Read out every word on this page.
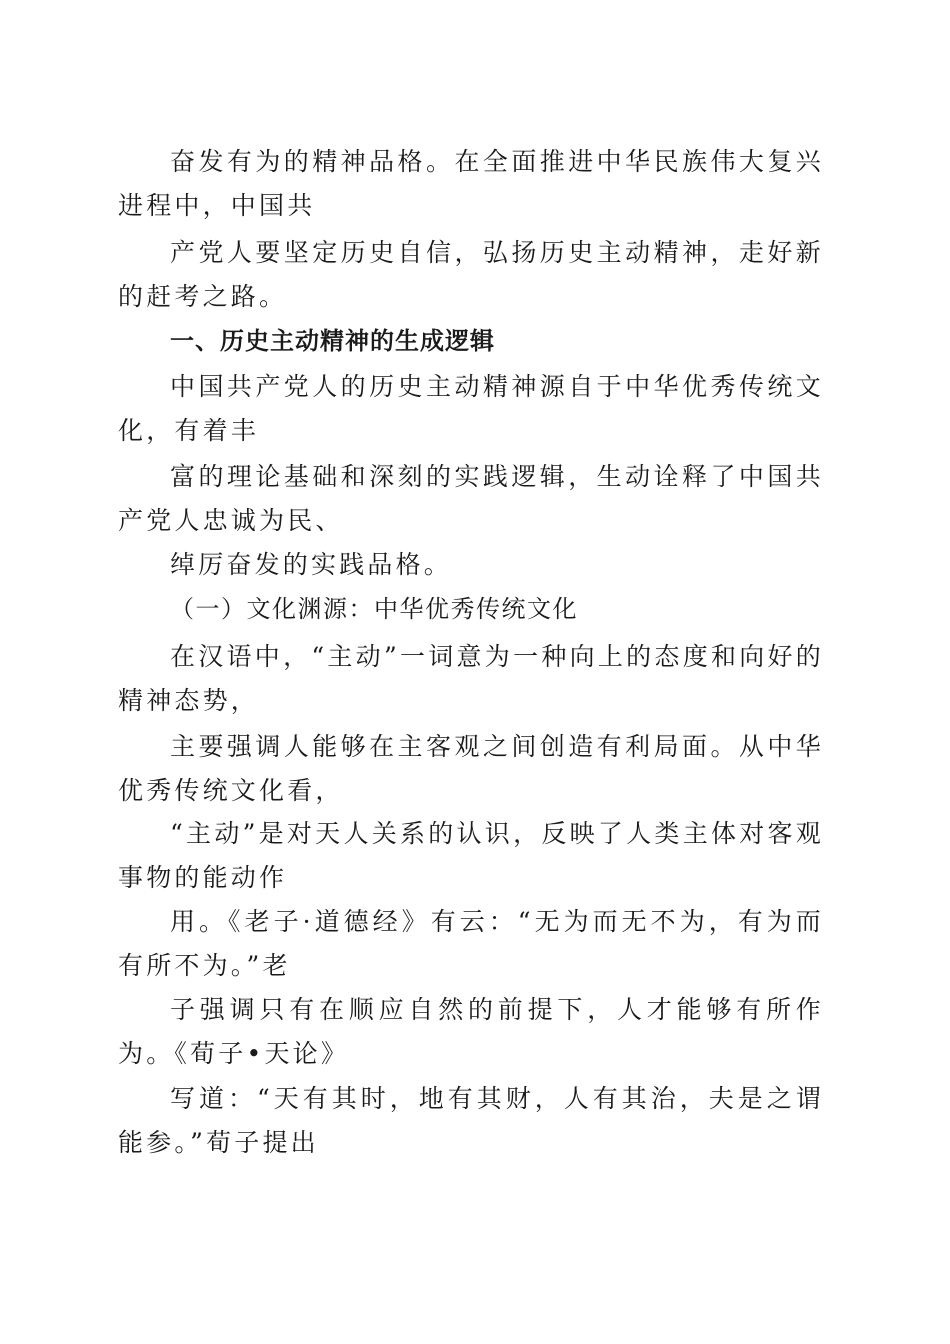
奋发有为的精神品格。在全面推进中华民族伟大复兴进程中，中国共
产党人要坚定历史自信，弘扬历史主动精神，走好新的赶考之路。
一、历史主动精神的生成逻辑
中国共产党人的历史主动精神源自于中华优秀传统文化，有着丰
富的理论基础和深刻的实践逻辑，生动诠释了中国共产党人忠诚为民、
绰厉奋发的实践品格。
（一）文化渊源：中华优秀传统文化
在汉语中，“主动”一词意为一种向上的态度和向好的精神态势，
主要强调人能够在主客观之间创造有利局面。从中华优秀传统文化看，
“主动”是对天人关系的认识，反映了人类主体对客观事物的能动作
用。《老子·道德经》有云：“无为而无不为，有为而有所不为。”老
子强调只有在顺应自然的前提下，人才能够有所作为。《荀子•天论》
写道：“天有其时，地有其财，人有其治，夫是之谓能参。”荀子提出
